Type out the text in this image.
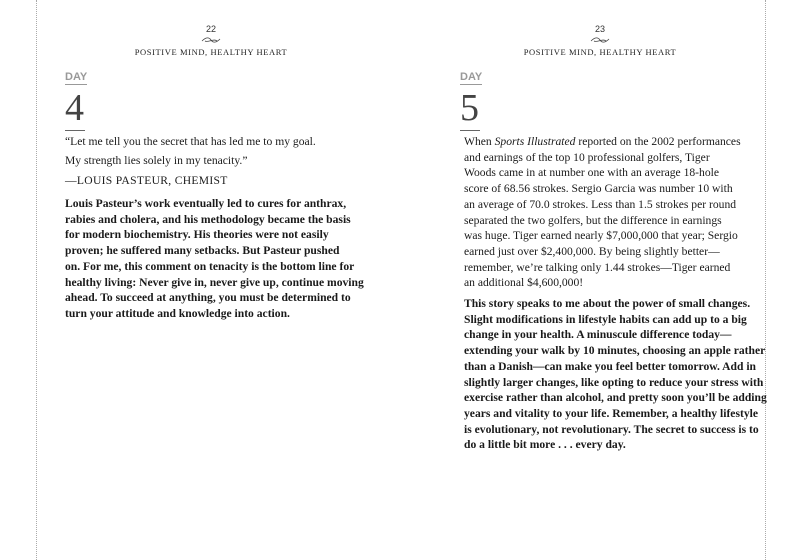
22
POSITIVE MIND, HEALTHY HEART
DAY
4
“Let me tell you the secret that has led me to my goal.
My strength lies solely in my tenacity.”
—LOUIS PASTEUR, CHEMIST
Louis Pasteur’s work eventually led to cures for anthrax,
rabies and cholera, and his methodology became the basis
for modern biochemistry. His theories were not easily
proven; he suffered many setbacks. But Pasteur pushed
on. For me, this comment on tenacity is the bottom line for
healthy living: Never give in, never give up, continue moving
ahead. To succeed at anything, you must be determined to
turn your attitude and knowledge into action.
23
POSITIVE MIND, HEALTHY HEART
DAY
5
When Sports Illustrated reported on the 2002 performances
and earnings of the top 10 professional golfers, Tiger
Woods came in at number one with an average 18-hole
score of 68.56 strokes. Sergio Garcia was number 10 with
an average of 70.0 strokes. Less than 1.5 strokes per round
separated the two golfers, but the difference in earnings
was huge. Tiger earned nearly $7,000,000 that year; Sergio
earned just over $2,400,000. By being slightly better—
remember, we’re talking only 1.44 strokes—Tiger earned
an additional $4,600,000!
This story speaks to me about the power of small changes.
Slight modifications in lifestyle habits can add up to a big
change in your health. A minuscule difference today—
extending your walk by 10 minutes, choosing an apple rather
than a Danish—can make you feel better tomorrow. Add in
slightly larger changes, like opting to reduce your stress with
exercise rather than alcohol, and pretty soon you’ll be adding
years and vitality to your life. Remember, a healthy lifestyle
is evolutionary, not revolutionary. The secret to success is to
do a little bit more . . . every day.
